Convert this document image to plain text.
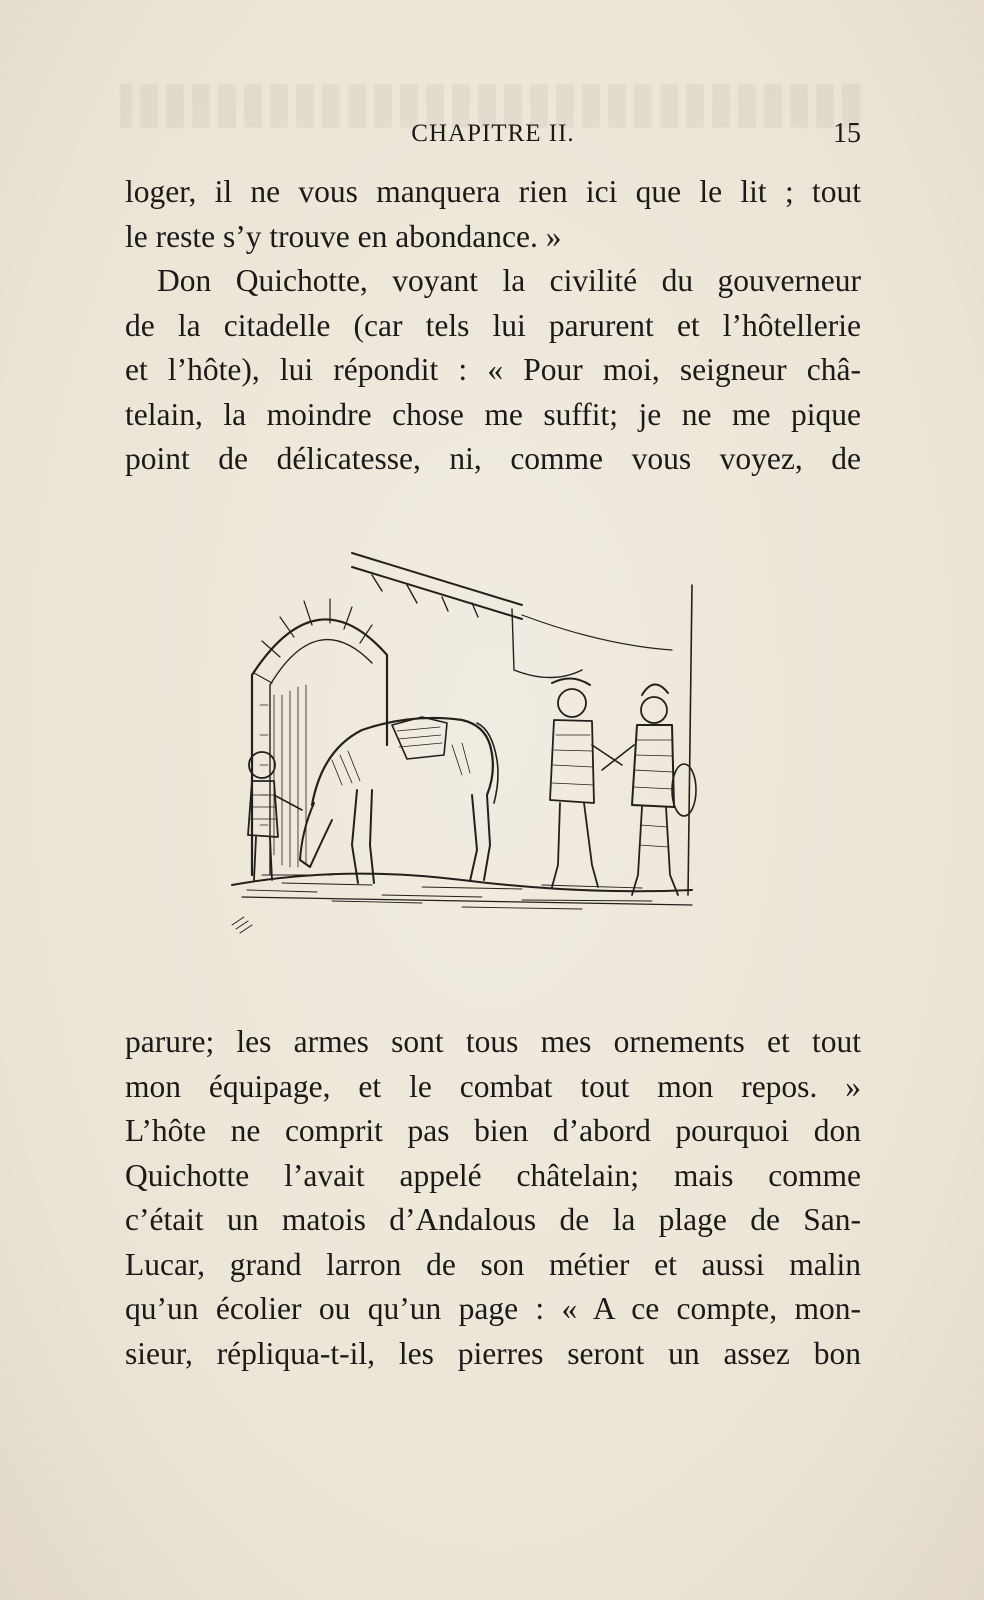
CHAPITRE II.	15
loger, il ne vous manquera rien ici que le lit ; tout
le reste s’y trouve en abondance. »
Don Quichotte, voyant la civilité du gouverneur
de la citadelle (car tels lui parurent et l’hôtellerie
et l’hôte), lui répondit : « Pour moi, seigneur châ-
telain, la moindre chose me suffit; je ne me pique
point de délicatesse, ni, comme vous voyez, de
parure; les armes sont tous mes ornements et tout
mon équipage, et le combat tout mon repos. »
L’hôte ne comprit pas bien d’abord pourquoi don
Quichotte l’avait appelé châtelain; mais comme
c’était un matois d’Andalous de la plage de San-
Lucar, grand larron de son métier et aussi malin
qu’un écolier ou qu’un page : « A ce compte, mon-
sieur, répliqua-t-il, les pierres seront un assez bon
